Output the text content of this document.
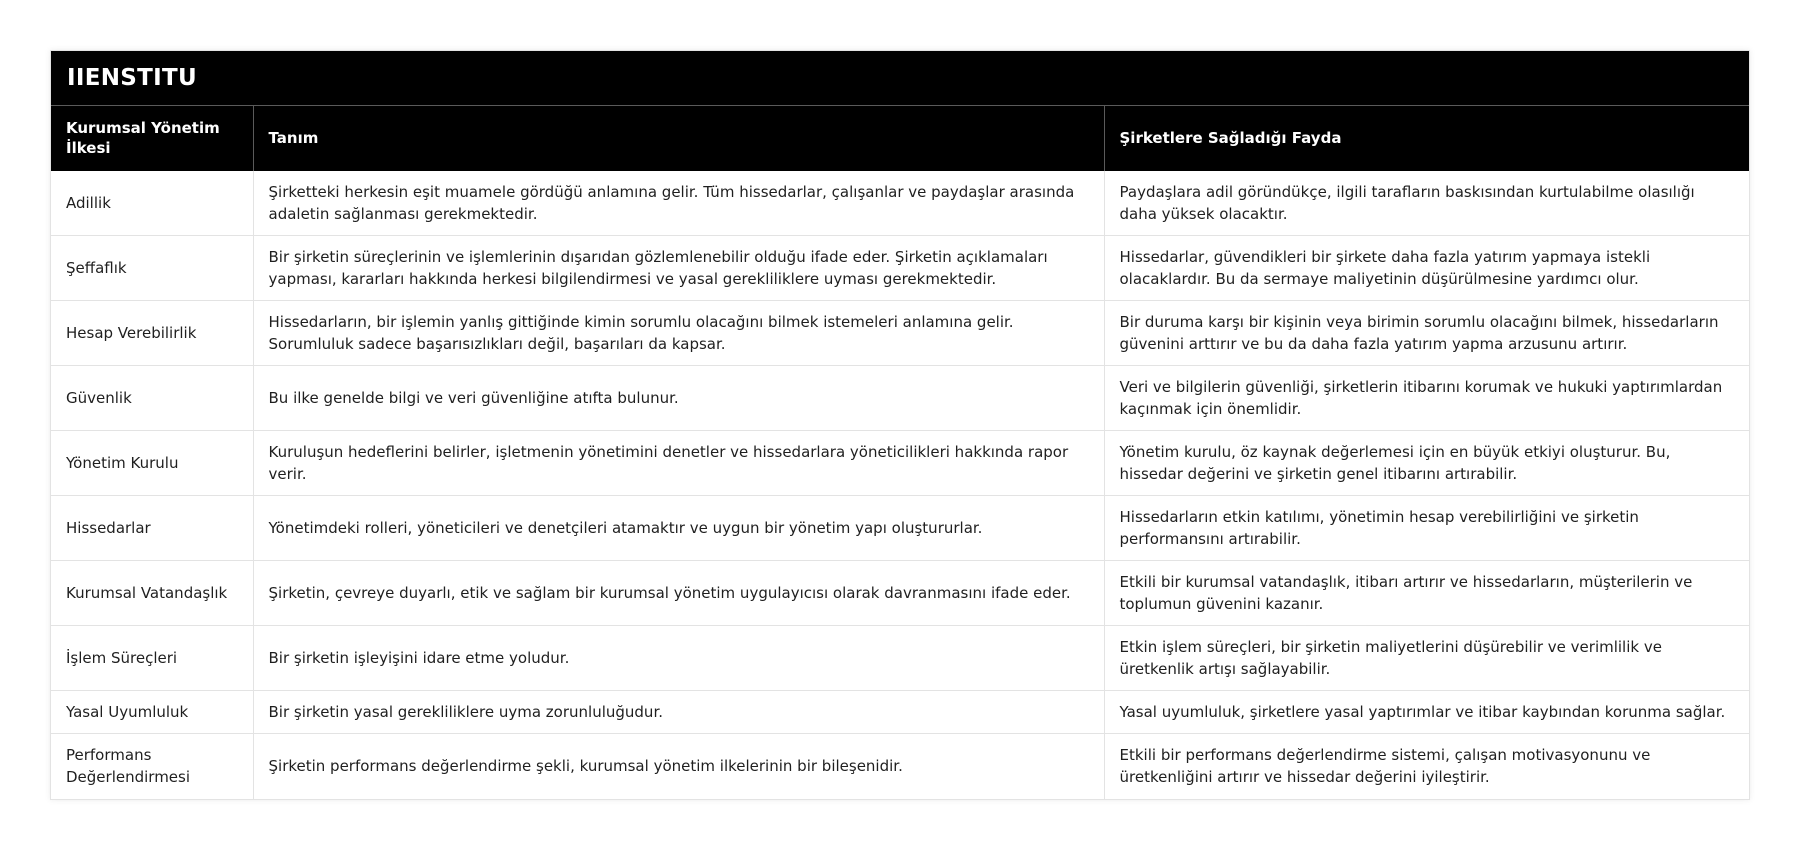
IIENSTITU
Kurumsal Yönetim İlkesi	Tanım	Şirketlere Sağladığı Fayda
Adillik	Şirketteki herkesin eşit muamele gördüğü anlamına gelir. Tüm hissedarlar, çalışanlar ve paydaşlar arasında adaletin sağlanması gerekmektedir.	Paydaşlara adil göründükçe, ilgili tarafların baskısından kurtulabilme olasılığı daha yüksek olacaktır.
Şeffaflık	Bir şirketin süreçlerinin ve işlemlerinin dışarıdan gözlemlenebilir olduğu ifade eder. Şirketin açıklamaları yapması, kararları hakkında herkesi bilgilendirmesi ve yasal gerekliliklere uyması gerekmektedir.	Hissedarlar, güvendikleri bir şirkete daha fazla yatırım yapmaya istekli olacaklardır. Bu da sermaye maliyetinin düşürülmesine yardımcı olur.
Hesap Verebilirlik	Hissedarların, bir işlemin yanlış gittiğinde kimin sorumlu olacağını bilmek istemeleri anlamına gelir. Sorumluluk sadece başarısızlıkları değil, başarıları da kapsar.	Bir duruma karşı bir kişinin veya birimin sorumlu olacağını bilmek, hissedarların güvenini arttırır ve bu da daha fazla yatırım yapma arzusunu artırır.
Güvenlik	Bu ilke genelde bilgi ve veri güvenliğine atıfta bulunur.	Veri ve bilgilerin güvenliği, şirketlerin itibarını korumak ve hukuki yaptırımlardan kaçınmak için önemlidir.
Yönetim Kurulu	Kuruluşun hedeflerini belirler, işletmenin yönetimini denetler ve hissedarlara yöneticilikleri hakkında rapor verir.	Yönetim kurulu, öz kaynak değerlemesi için en büyük etkiyi oluşturur. Bu, hissedar değerini ve şirketin genel itibarını artırabilir.
Hissedarlar	Yönetimdeki rolleri, yöneticileri ve denetçileri atamaktır ve uygun bir yönetim yapı oluştururlar.	Hissedarların etkin katılımı, yönetimin hesap verebilirliğini ve şirketin performansını artırabilir.
Kurumsal Vatandaşlık	Şirketin, çevreye duyarlı, etik ve sağlam bir kurumsal yönetim uygulayıcısı olarak davranmasını ifade eder.	Etkili bir kurumsal vatandaşlık, itibarı artırır ve hissedarların, müşterilerin ve toplumun güvenini kazanır.
İşlem Süreçleri	Bir şirketin işleyişini idare etme yoludur.	Etkin işlem süreçleri, bir şirketin maliyetlerini düşürebilir ve verimlilik ve üretkenlik artışı sağlayabilir.
Yasal Uyumluluk	Bir şirketin yasal gerekliliklere uyma zorunluluğudur.	Yasal uyumluluk, şirketlere yasal yaptırımlar ve itibar kaybından korunma sağlar.
Performans Değerlendirmesi	Şirketin performans değerlendirme şekli, kurumsal yönetim ilkelerinin bir bileşenidir.	Etkili bir performans değerlendirme sistemi, çalışan motivasyonunu ve üretkenliğini artırır ve hissedar değerini iyileştirir.
